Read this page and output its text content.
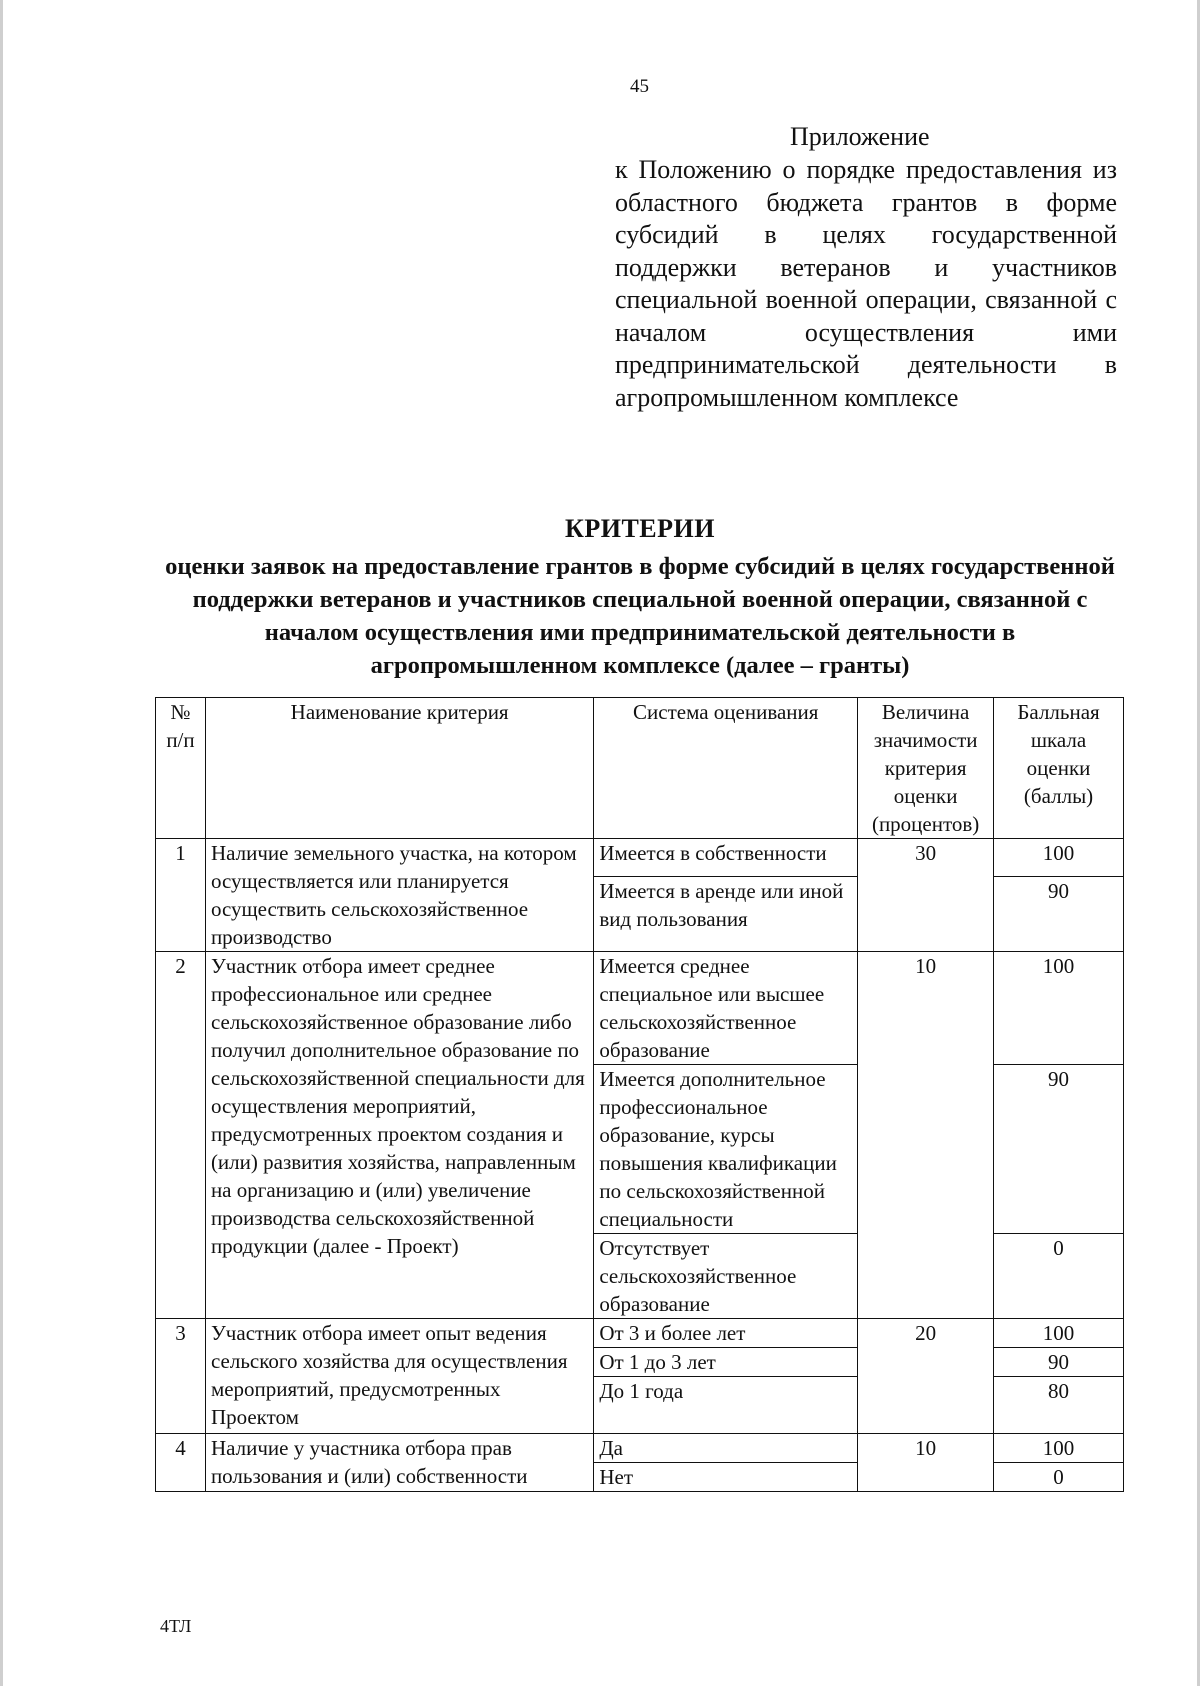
45
Приложение
к Положению о порядке предоставления из областного бюджета грантов в форме субсидий в целях государственной поддержки ветеранов и участников специальной военной операции, связанной с началом осуществления ими предпринимательской деятельности в агропромышленном комплексе
КРИТЕРИИ
оценки заявок на предоставление грантов в форме субсидий в целях государственной поддержки ветеранов и участников специальной военной операции, связанной с началом осуществления ими предпринимательской деятельности в агропромышленном комплексе (далее – гранты)
№ п/п	Наименование критерия	Система оценивания	Величина значимости критерия оценки (процентов)	Балльная шкала оценки (баллы)
1	Наличие земельного участка, на котором осуществляется или планируется осуществить сельскохозяйственное производство	Имеется в собственности	30	100
		Имеется в аренде или иной вид пользования		90
2	Участник отбора имеет среднее профессиональное или среднее сельскохозяйственное образование либо получил дополнительное образование по сельскохозяйственной специальности для осуществления мероприятий, предусмотренных проектом создания и (или) развития хозяйства, направленным на организацию и (или) увеличение производства сельскохозяйственной продукции (далее - Проект)	Имеется среднее специальное или высшее сельскохозяйственное образование	10	100
		Имеется дополнительное профессиональное образование, курсы повышения квалификации по сельскохозяйственной специальности		90
		Отсутствует сельскохозяйственное образование		0
3	Участник отбора имеет опыт ведения сельского хозяйства для осуществления мероприятий, предусмотренных Проектом	От 3 и более лет	20	100
		От 1 до 3 лет		90
		До 1 года		80
4	Наличие у участника отбора прав пользования и (или) собственности	Да	10	100
		Нет		0
4ТЛ
